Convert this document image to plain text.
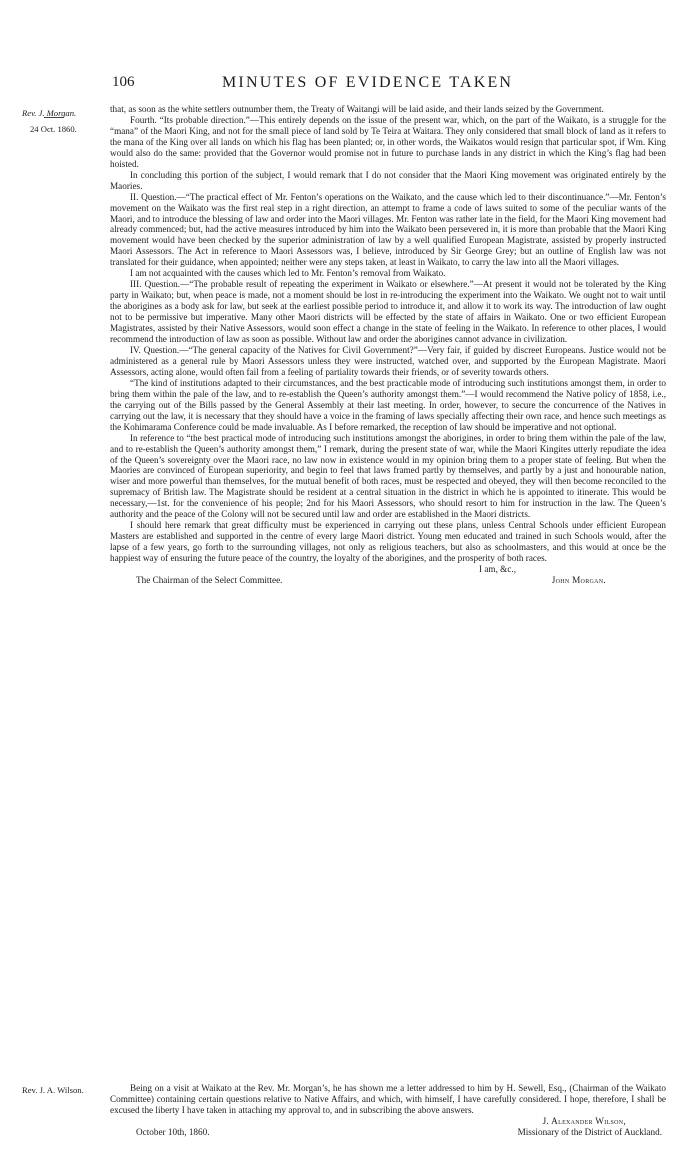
106	MINUTES OF EVIDENCE TAKEN
Rev. J. Morgan.
24 Oct. 1860.
Rev. J. A. Wilson.

that, as soon as the white settlers outnumber them, the Treaty of Waitangi will be laid aside, and their lands seized by the Government.

Fourth. “Its probable direction.”—This entirely depends on the issue of the present war, which, on the part of the Waikato, is a struggle for the “mana” of the Maori King, and not for the small piece of land sold by Te Teira at Waitara. They only considered that small block of land as it refers to the mana of the King over all lands on which his flag has been planted; or, in other words, the Waikatos would resign that particular spot, if Wm. King would also do the same: provided that the Governor would promise not in future to purchase lands in any district in which the King’s flag had been hoisted.

In concluding this portion of the subject, I would remark that I do not consider that the Maori King movement was originated entirely by the Maories.

II. Question.—“The practical effect of Mr. Fenton’s operations on the Waikato, and the cause which led to their discontinuance.”—Mr. Fenton’s movement on the Waikato was the first real step in a right direction, an attempt to frame a code of laws suited to some of the peculiar wants of the Maori, and to introduce the blessing of law and order into the Maori villages. Mr. Fenton was rather late in the field, for the Maori King movement had already commenced; but, had the active measures introduced by him into the Waikato been persevered in, it is more than probable that the Maori King movement would have been checked by the superior administration of law by a well qualified European Magistrate, assisted by properly instructed Maori Assessors. The Act in reference to Maori Assessors was, I believe, introduced by Sir George Grey; but an outline of English law was not translated for their guidance, when appointed; neither were any steps taken, at least in Waikato, to carry the law into all the Maori villages.

I am not acquainted with the causes which led to Mr. Fenton’s removal from Waikato.

III. Question.—“The probable result of repeating the experiment in Waikato or elsewhere.”—At present it would not be tolerated by the King party in Waikato; but, when peace is made, not a moment should be lost in re-introducing the experiment into the Waikato. We ought not to wait until the aborigines as a body ask for law, but seek at the earliest possible period to introduce it, and allow it to work its way. The introduction of law ought not to be permissive but imperative. Many other Maori districts will be effected by the state of affairs in Waikato. One or two efficient European Magistrates, assisted by their Native Assessors, would soon effect a change in the state of feeling in the Waikato. In reference to other places, I would recommend the introduction of law as soon as possible. Without law and order the aborigines cannot advance in civilization.

IV. Question.—“The general capacity of the Natives for Civil Government?”—Very fair, if guided by discreet Europeans. Justice would not be administered as a general rule by Maori Assessors unless they were instructed, watched over, and supported by the European Magistrate. Maori Assessors, acting alone, would often fail from a feeling of partiality towards their friends, or of severity towards others.

“The kind of institutions adapted to their circumstances, and the best practicable mode of introducing such institutions amongst them, in order to bring them within the pale of the law, and to re-establish the Queen’s authority amongst them.”—I would recommend the Native policy of 1858, i.e., the carrying out of the Bills passed by the General Assembly at their last meeting. In order, however, to secure the concurrence of the Natives in carrying out the law, it is necessary that they should have a voice in the framing of laws specially affecting their own race, and hence such meetings as the Kohimarama Conference could be made invaluable. As I before remarked, the reception of law should be imperative and not optional.

In reference to “the best practical mode of introducing such institutions amongst the aborigines, in order to bring them within the pale of the law, and to re-establish the Queen’s authority amongst them,” I remark, during the present state of war, while the Maori Kingites utterly repudiate the idea of the Queen’s sovereignty over the Maori race, no law now in existence would in my opinion bring them to a proper state of feeling. But when the Maories are convinced of European superiority, and begin to feel that laws framed partly by themselves, and partly by a just and honourable nation, wiser and more powerful than themselves, for the mutual benefit of both races, must be respected and obeyed, they will then become reconciled to the supremacy of British law. The Magistrate should be resident at a central situation in the district in which he is appointed to itinerate. This would be necessary,—1st. for the convenience of his people; 2nd for his Maori Assessors, who should resort to him for instruction in the law. The Queen’s authority and the peace of the Colony will not be secured until law and order are established in the Maori districts.

I should here remark that great difficulty must be experienced in carrying out these plans, unless Central Schools under efficient European Masters are established and supported in the centre of every large Maori district. Young men educated and trained in such Schools would, after the lapse of a few years, go forth to the surrounding villages, not only as religious teachers, but also as schoolmasters, and this would at once be the happiest way of ensuring the future peace of the country, the loyalty of the aborigines, and the prosperity of both races.

I am, &c.,
The Chairman of the Select Committee.	John Morgan.

Being on a visit at Waikato at the Rev. Mr. Morgan’s, he has shown me a letter addressed to him by H. Sewell, Esq., (Chairman of the Waikato Committee) containing certain questions relative to Native Affairs, and which, with himself, I have carefully considered. I hope, therefore, I shall be excused the liberty I have taken in attaching my approval to, and in subscribing the above answers.

J. Alexander Wilson,
October 10th, 1860.	Missionary of the District of Auckland.
